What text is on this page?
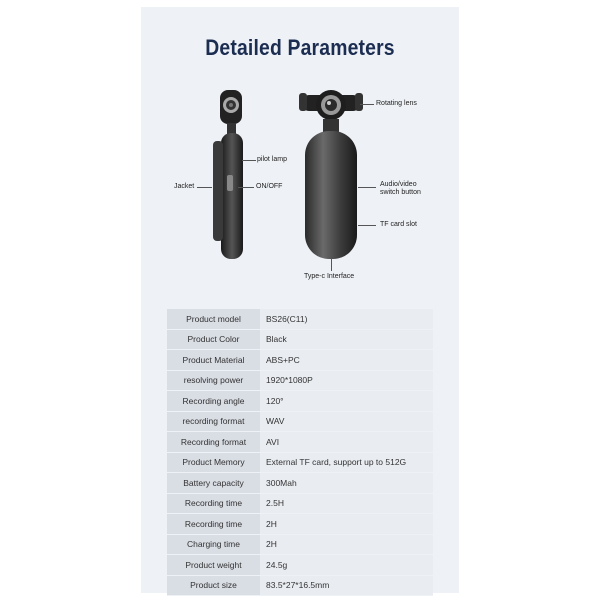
Detailed Parameters
Rotating lens
pilot lamp
Jacket	ON/OFF	Audio/video
switch button
TF card slot
Type-c Interface
Product model	BS26(C11)
Product Color	Black
Product Material	ABS+PC
resolving power	1920*1080P
Recording angle	120°
recording format	WAV
Recording format	AVI
Product Memory	External TF card, support up to 512G
Battery capacity	300Mah
Recording time	2.5H
Recording time	2H
Charging time	2H
Product weight	24.5g
Product size	83.5*27*16.5mm
